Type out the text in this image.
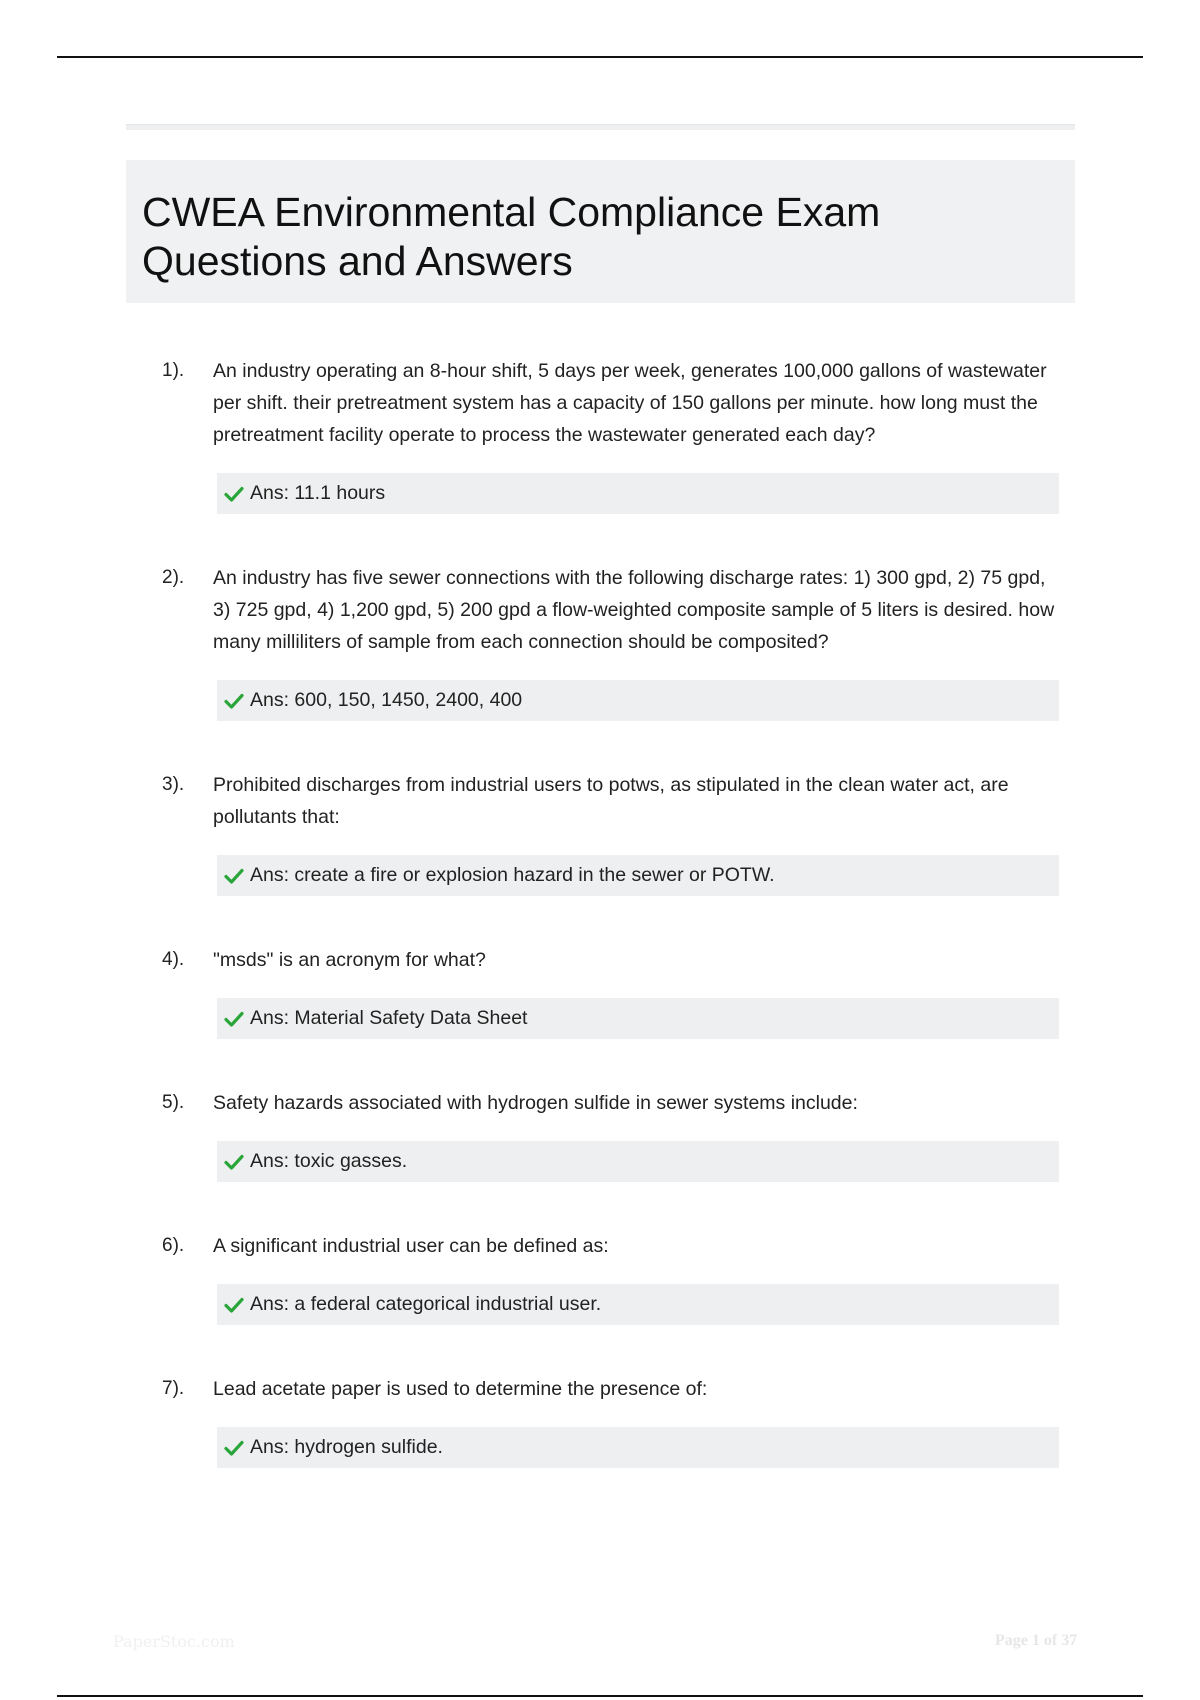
CWEA Environmental Compliance Exam
Questions and Answers
1).	An industry operating an 8-hour shift, 5 days per week, generates 100,000 gallons of wastewater per shift. their pretreatment system has a capacity of 150 gallons per minute. how long must the pretreatment facility operate to process the wastewater generated each day?
Ans: 11.1 hours
2).	An industry has five sewer connections with the following discharge rates: 1) 300 gpd, 2) 75 gpd, 3) 725 gpd, 4) 1,200 gpd, 5) 200 gpd a flow-weighted composite sample of 5 liters is desired. how many milliliters of sample from each connection should be composited?
Ans: 600, 150, 1450, 2400, 400
3).	Prohibited discharges from industrial users to potws, as stipulated in the clean water act, are pollutants that:
Ans: create a fire or explosion hazard in the sewer or POTW.
4).	"msds" is an acronym for what?
Ans: Material Safety Data Sheet
5).	Safety hazards associated with hydrogen sulfide in sewer systems include:
Ans: toxic gasses.
6).	A significant industrial user can be defined as:
Ans: a federal categorical industrial user.
7).	Lead acetate paper is used to determine the presence of:
Ans: hydrogen sulfide.
PaperStoc.com	Page 1 of 37
